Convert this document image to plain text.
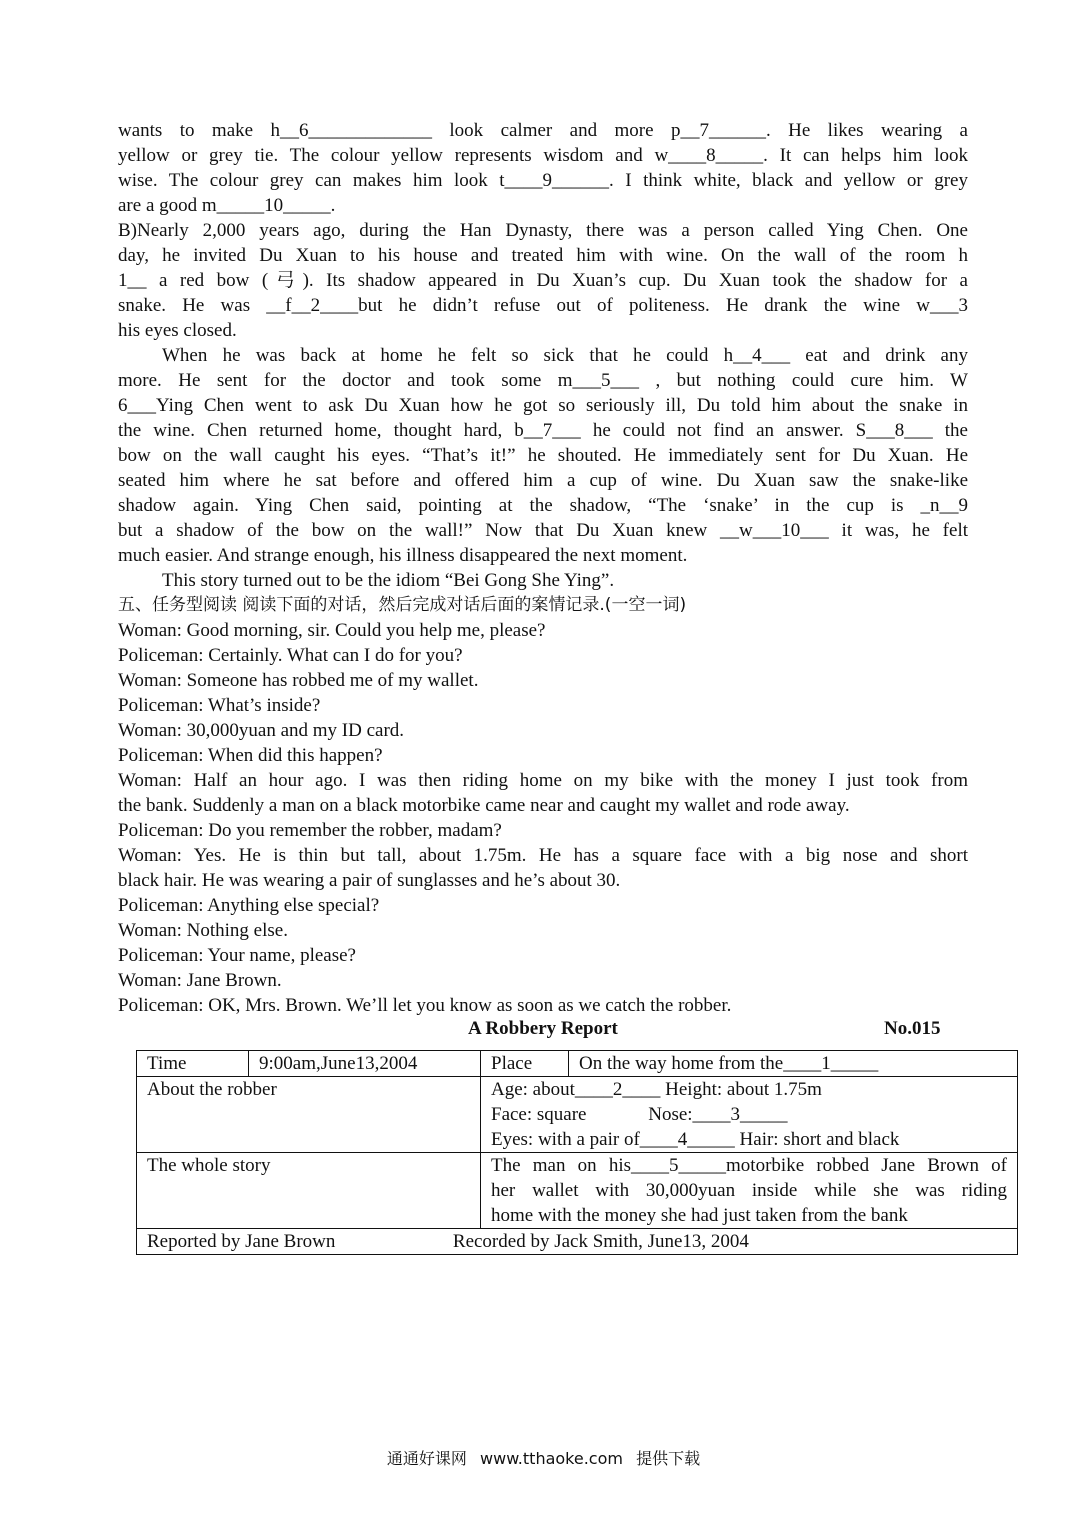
wants to make h__6_____________ look calmer and more p__7______. He likes wearing a
yellow or grey tie. The colour yellow represents wisdom and w____8_____. It can helps him look
wise. The colour grey can makes him look t____9______. I think white, black and yellow or grey
are a good m_____10_____.
B)Nearly 2,000 years ago, during the Han Dynasty, there was a person called Ying Chen. One
day, he invited Du Xuan to his house and treated him with wine. On the wall of the room h
1__ a red bow (弓). Its shadow appeared in Du Xuan’s cup. Du Xuan took the shadow for a
snake. He was __f__2____but he didn’t refuse out of politeness. He drank the wine w___3
his eyes closed.
When he was back at home he felt so sick that he could h__4___ eat and drink any
more. He sent for the doctor and took some m___5___ , but nothing could cure him. W
6___Ying Chen went to ask Du Xuan how he got so seriously ill, Du told him about the snake in
the wine. Chen returned home, thought hard, b__7___ he could not find an answer. S___8___ the
bow on the wall caught his eyes. “That’s it!” he shouted. He immediately sent for Du Xuan. He
seated him where he sat before and offered him a cup of wine. Du Xuan saw the snake-like
shadow again. Ying Chen said, pointing at the shadow, “The ‘snake’ in the cup is _n__9
but a shadow of the bow on the wall!” Now that Du Xuan knew __w___10___ it was, he felt
much easier. And strange enough, his illness disappeared the next moment.
This story turned out to be the idiom “Bei Gong She Ying”.
五、任务型阅读 阅读下面的对话，然后完成对话后面的案情记录.(一空一词)
Woman: Good morning, sir. Could you help me, please?
Policeman: Certainly. What can I do for you?
Woman: Someone has robbed me of my wallet.
Policeman: What’s inside?
Woman: 30,000yuan and my ID card.
Policeman: When did this happen?
Woman: Half an hour ago. I was then riding home on my bike with the money I just took from
the bank. Suddenly a man on a black motorbike came near and caught my wallet and rode away.
Policeman: Do you remember the robber, madam?
Woman: Yes. He is thin but tall, about 1.75m. He has a square face with a big nose and short
black hair. He was wearing a pair of sunglasses and he’s about 30.
Policeman: Anything else special?
Woman: Nothing else.
Policeman: Your name, please?
Woman: Jane Brown.
Policeman: OK, Mrs. Brown. We’ll let you know as soon as we catch the robber.
A Robbery Report	No.015
Time	9:00am,June13,2004	Place	On the way home from the____1_____
About the robber		Age: about____2____ Height: about 1.75m
Face: square             Nose:____3_____
Eyes: with a pair of____4_____ Hair: short and black	

The whole story		The man on his____5_____motorbike robbed Jane Brown of
her wallet with 30,000yuan inside while she was riding
home with the money she had just taken from the bank	

Reported by Jane Brown Recorded by Jack Smith, June13, 2004			
通通好课网 www.tthaoke.com 提供下载
